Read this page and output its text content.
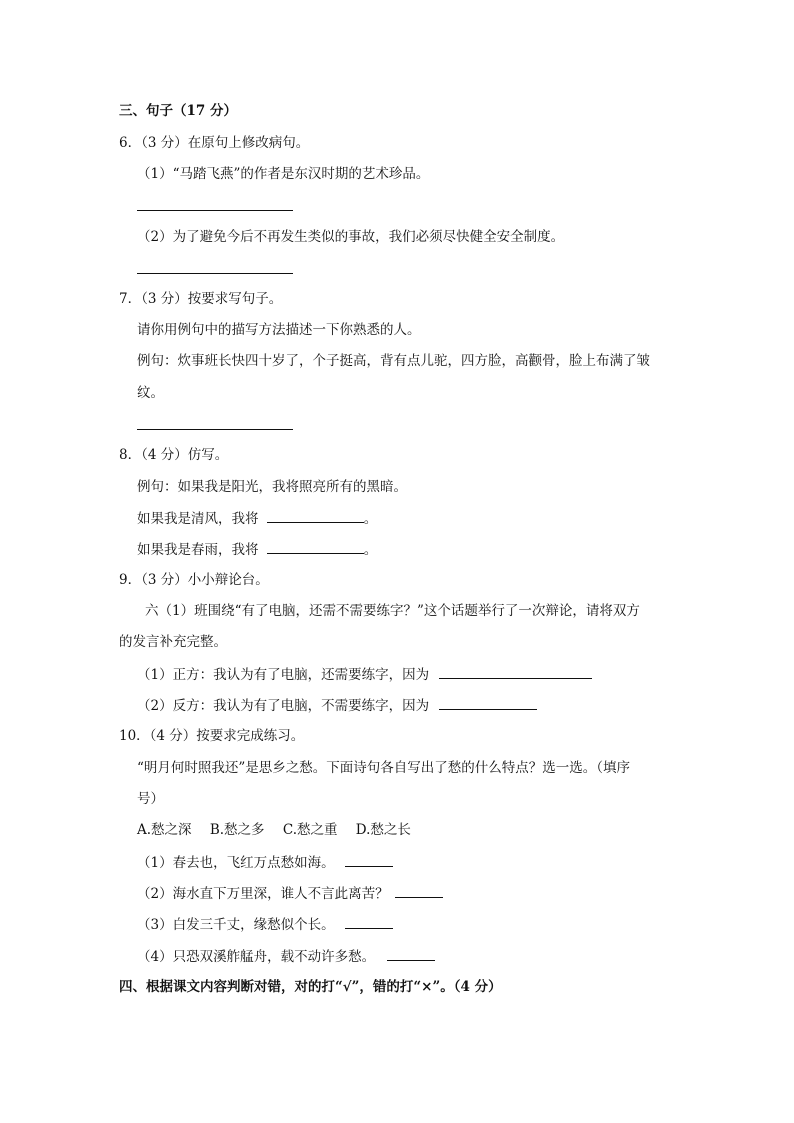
三、句子（17 分）
6．（3 分）在原句上修改病句。
（1）“马踏飞燕”的作者是东汉时期的艺术珍品。
（2）为了避免今后不再发生类似的事故，我们必须尽快健全安全制度。
7．（3 分）按要求写句子。
请你用例句中的描写方法描述一下你熟悉的人。
例句：炊事班长快四十岁了，个子挺高，背有点儿驼，四方脸，高颧骨，脸上布满了皱
纹。
8．（4 分）仿写。
例句：如果我是阳光，我将照亮所有的黑暗。
如果我是清风，我将	。
如果我是春雨，我将	。
9．（3 分）小小辩论台。
六（1）班围绕“有了电脑，还需不需要练字？”这个话题举行了一次辩论，请将双方
的发言补充完整。
（1）正方：我认为有了电脑，还需要练字，因为
（2）反方：我认为有了电脑，不需要练字，因为
10．（4 分）按要求完成练习。
“明月何时照我还”是思乡之愁。下面诗句各自写出了愁的什么特点？选一选。（填序
号）
A.愁之深 B.愁之多 C.愁之重 D.愁之长
（1）春去也，飞红万点愁如海。
（2）海水直下万里深，谁人不言此离苦？
（3）白发三千丈，缘愁似个长。
（4）只恐双溪舴艋舟，载不动许多愁。
四、根据课文内容判断对错，对的打“√”，错的打“×”。（4 分）
